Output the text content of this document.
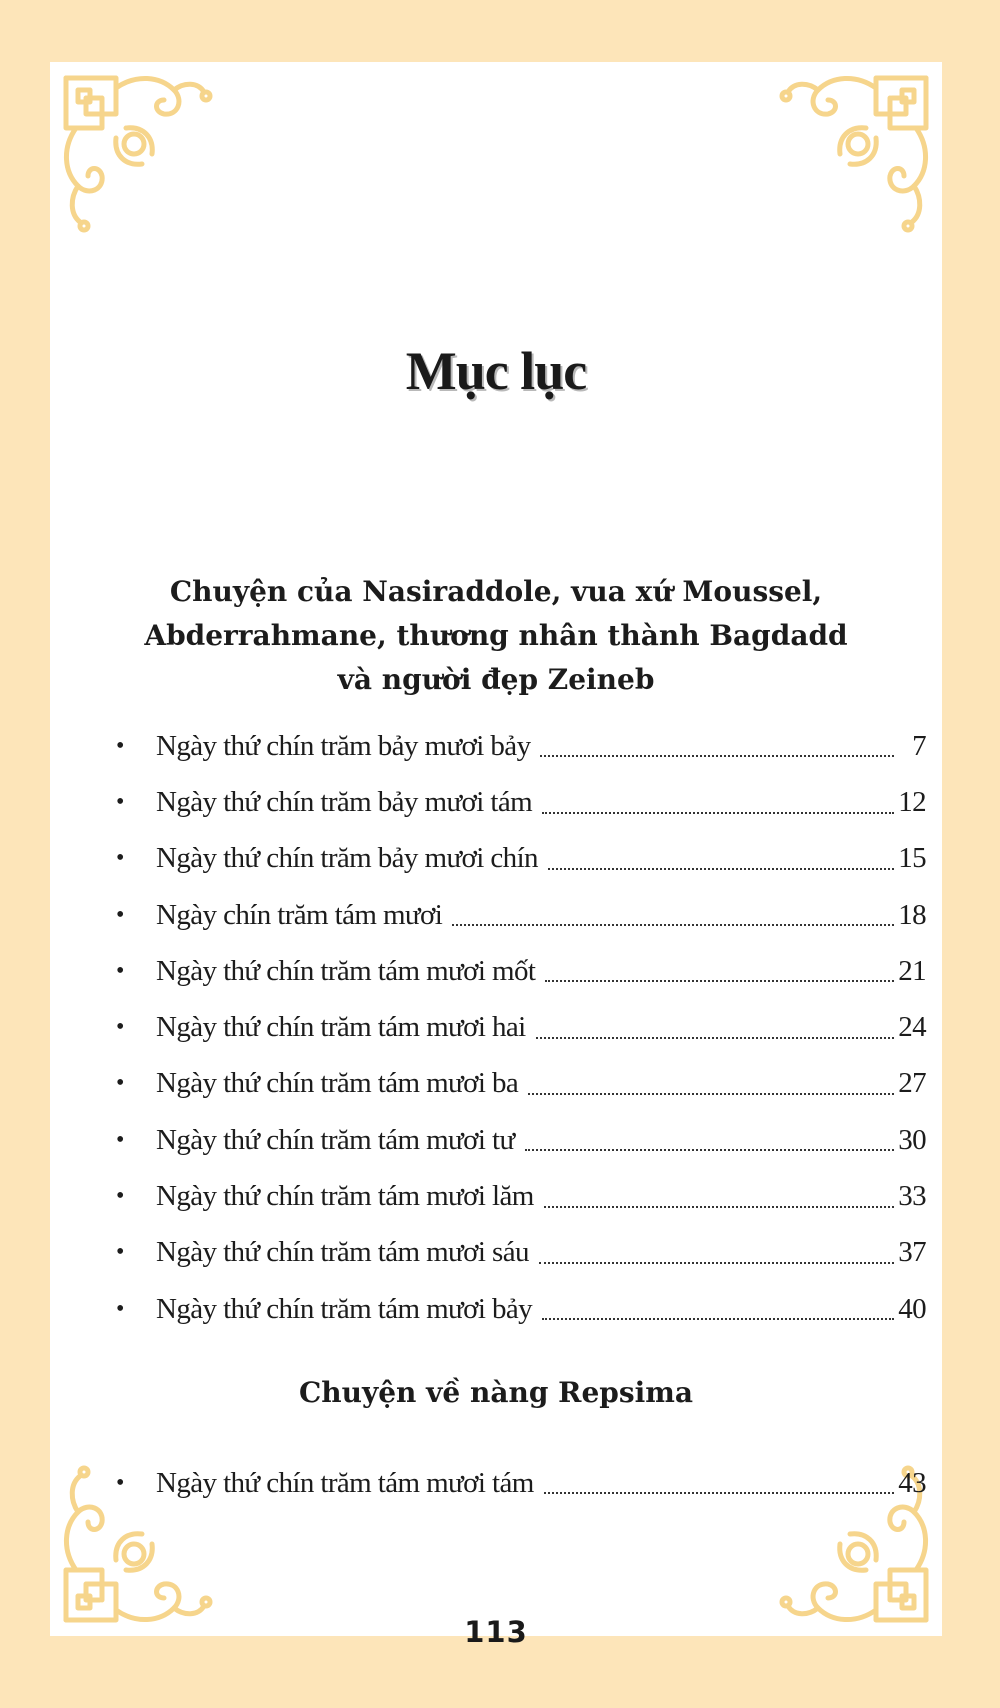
Mục lục
Chuyện của Nasiraddole, vua xứ Moussel,
Abderrahmane, thương nhân thành Bagdadd
và người đẹp Zeineb
•	Ngày thứ chín trăm bảy mươi bảy	7
•	Ngày thứ chín trăm bảy mươi tám	12
•	Ngày thứ chín trăm bảy mươi chín	15
•	Ngày chín trăm tám mươi	18
•	Ngày thứ chín trăm tám mươi mốt	21
•	Ngày thứ chín trăm tám mươi hai	24
•	Ngày thứ chín trăm tám mươi ba	27
•	Ngày thứ chín trăm tám mươi tư	30
•	Ngày thứ chín trăm tám mươi lăm	33
•	Ngày thứ chín trăm tám mươi sáu	37
•	Ngày thứ chín trăm tám mươi bảy	40
Chuyện về nàng Repsima
•	Ngày thứ chín trăm tám mươi tám	43
113
